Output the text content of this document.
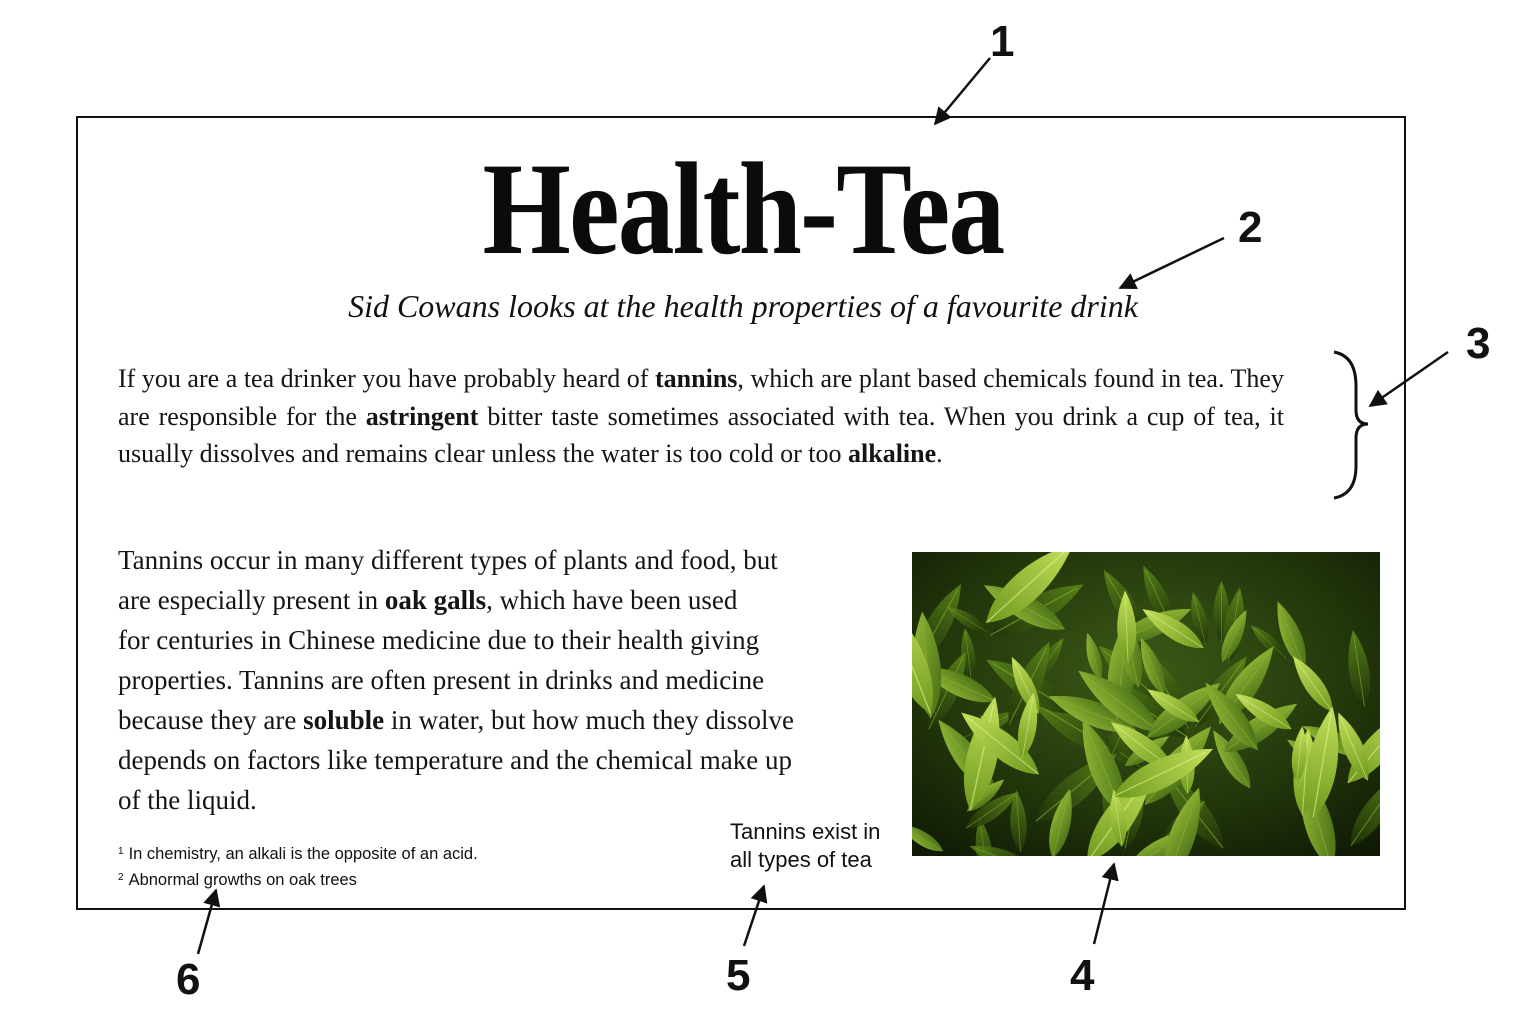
Health-Tea

Sid Cowans looks at the health properties of a favourite drink

If you are a tea drinker you have probably heard of tannins, which are plant based chemicals found in tea. They are responsible for the astringent bitter taste sometimes associated with tea. When you drink a cup of tea, it usually dissolves and remains clear unless the water is too cold or too alkaline.

Tannins occur in many different types of plants and food, but
are especially present in oak galls, which have been used
for centuries in Chinese medicine due to their health giving
properties. Tannins are often present in drinks and medicine
because they are soluble in water, but how much they dissolve
depends on factors like temperature and the chemical make up
of the liquid.

Tannins exist in
all types of tea

$^1$ In chemistry, an alkali is the opposite of an acid.
$^2$ Abnormal growths on oak trees

1
2
3
4
5
6
